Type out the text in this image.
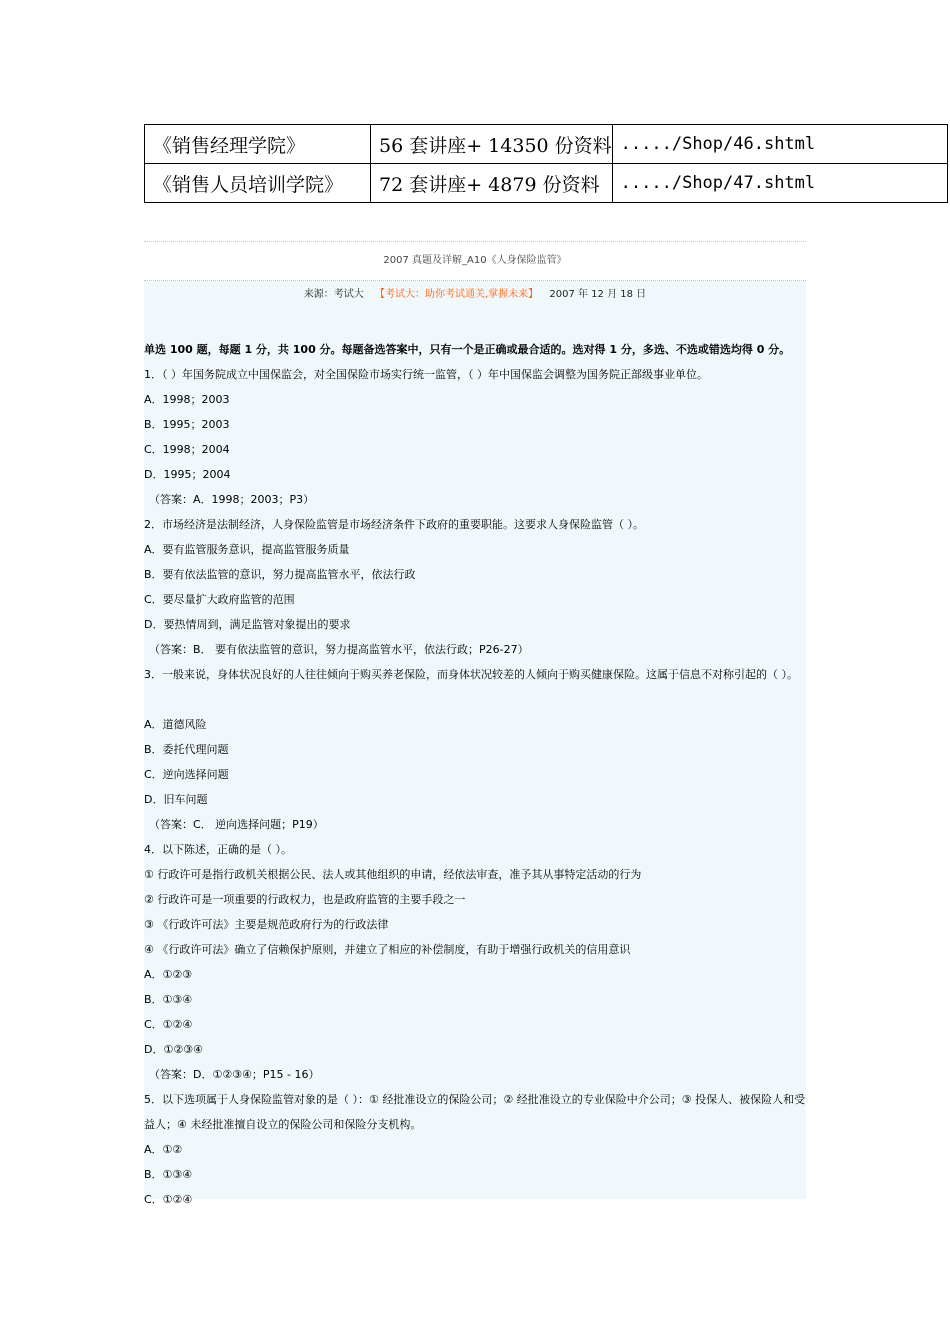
《销售经理学院》	56 套讲座+ 14350 份资料	...../Shop/46.shtml
《销售人员培训学院》	72 套讲座+ 4879 份资料	...../Shop/47.shtml
2007 真题及详解_A10《人身保险监管》
来源：考试大 【考试大：助你考试通关,掌握未来】 2007 年 12 月 18 日

单选 100 题，每题 1 分，共 100 分。每题备选答案中，只有一个是正确或最合适的。选对得 1 分，多选、不选或错选均得 0 分。

1．（ ）年国务院成立中国保监会，对全国保险市场实行统一监管，（ ）年中国保监会调整为国务院正部级事业单位。

A．1998；2003

B．1995；2003

C．1998；2004

D．1995；2004

（答案：A．1998；2003；P3）

2．市场经济是法制经济，人身保险监管是市场经济条件下政府的重要职能。这要求人身保险监管（ ）。

A．要有监管服务意识，提高监管服务质量

B．要有依法监管的意识，努力提高监管水平，依法行政

C．要尽量扩大政府监管的范围

D．要热情周到，满足监管对象提出的要求

（答案：B． 要有依法监管的意识，努力提高监管水平，依法行政；P26-27）

3．一般来说，身体状况良好的人往往倾向于购买养老保险，而身体状况较差的人倾向于购买健康保险。这属于信息不对称引起的（ ）。

A．道德风险

B．委托代理问题

C．逆向选择问题

D．旧车问题

（答案：C． 逆向选择问题；P19）

4．以下陈述，正确的是（ ）。

① 行政许可是指行政机关根据公民、法人或其他组织的申请，经依法审查，准予其从事特定活动的行为

② 行政许可是一项重要的行政权力，也是政府监管的主要手段之一

③ 《行政许可法》主要是规范政府行为的行政法律

④ 《行政许可法》确立了信赖保护原则，并建立了相应的补偿制度，有助于增强行政机关的信用意识

A．①②③

B．①③④

C．①②④

D．①②③④

（答案：D．①②③④；P15 - 16）

5．以下选项属于人身保险监管对象的是（ ）：① 经批准设立的保险公司；② 经批准设立的专业保险中介公司；③ 投保人、被保险人和受益人；④ 未经批准擅自设立的保险公司和保险分支机构。

A．①②

B．①③④

C．①②④
